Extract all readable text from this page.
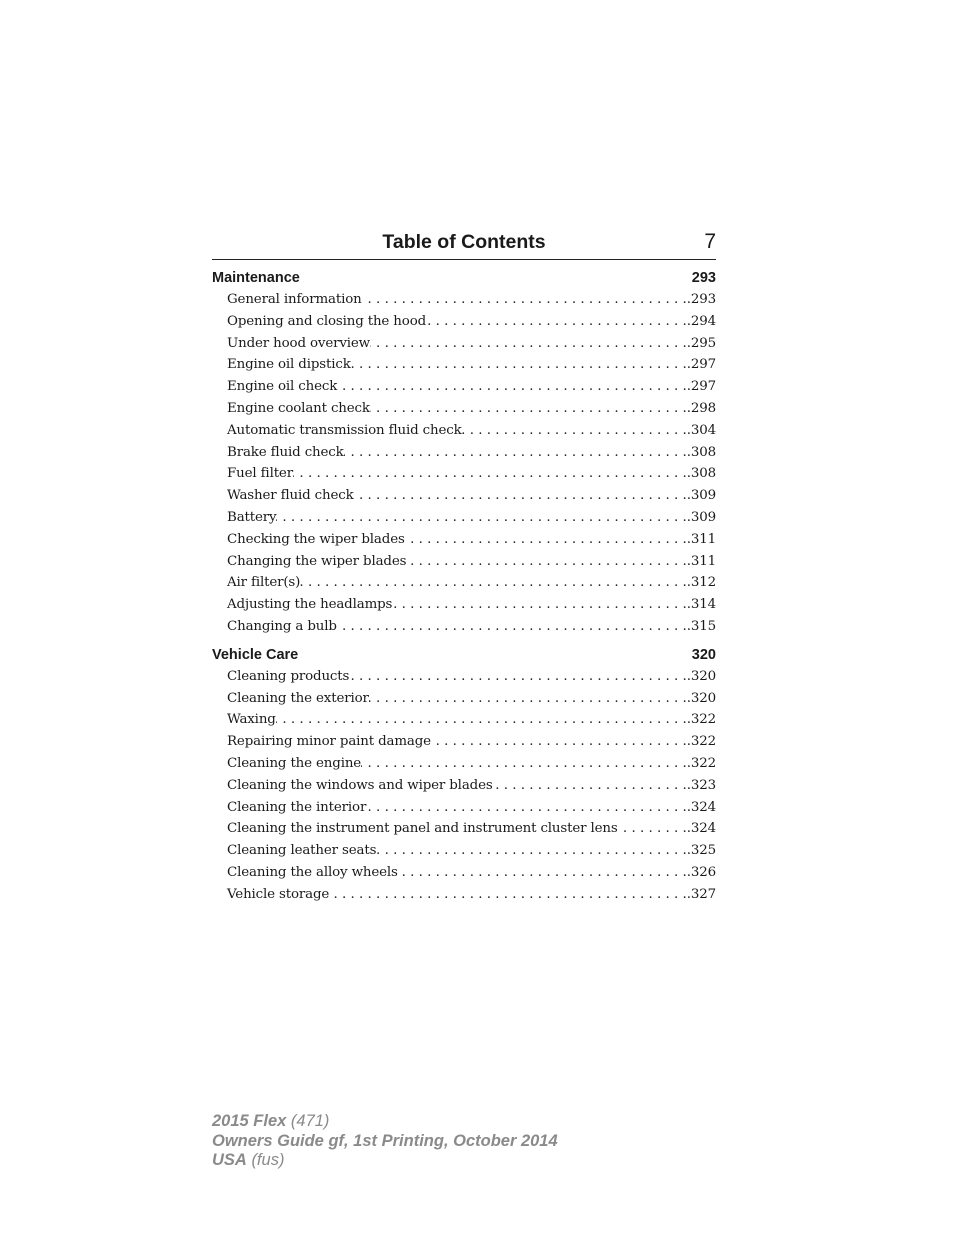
Table of Contents	7
Maintenance	293
General information . . .	.293
Opening and closing the hood . . .	.294
Under hood overview . . .	.295
Engine oil dipstick . . .	.297
Engine oil check . . .	.297
Engine coolant check . . .	.298
Automatic transmission fluid check . . .	.304
Brake fluid check . . .	.308
Fuel filter . . .	.308
Washer fluid check . . .	.309
Battery . . .	.309
Checking the wiper blades . . .	.311
Changing the wiper blades . . .	.311
Air filter(s) . . .	.312
Adjusting the headlamps . . .	.314
Changing a bulb . . .	.315
Vehicle Care	320
Cleaning products . . .	.320
Cleaning the exterior . . .	.320
Waxing . . .	.322
Repairing minor paint damage . . .	.322
Cleaning the engine . . .	.322
Cleaning the windows and wiper blades . . .	.323
Cleaning the interior . . .	.324
Cleaning the instrument panel and instrument cluster lens . . .	.324
Cleaning leather seats . . .	.325
Cleaning the alloy wheels . . .	.326
Vehicle storage . . .	.327
2015 Flex (471)
Owners Guide gf, 1st Printing, October 2014
USA (fus)
